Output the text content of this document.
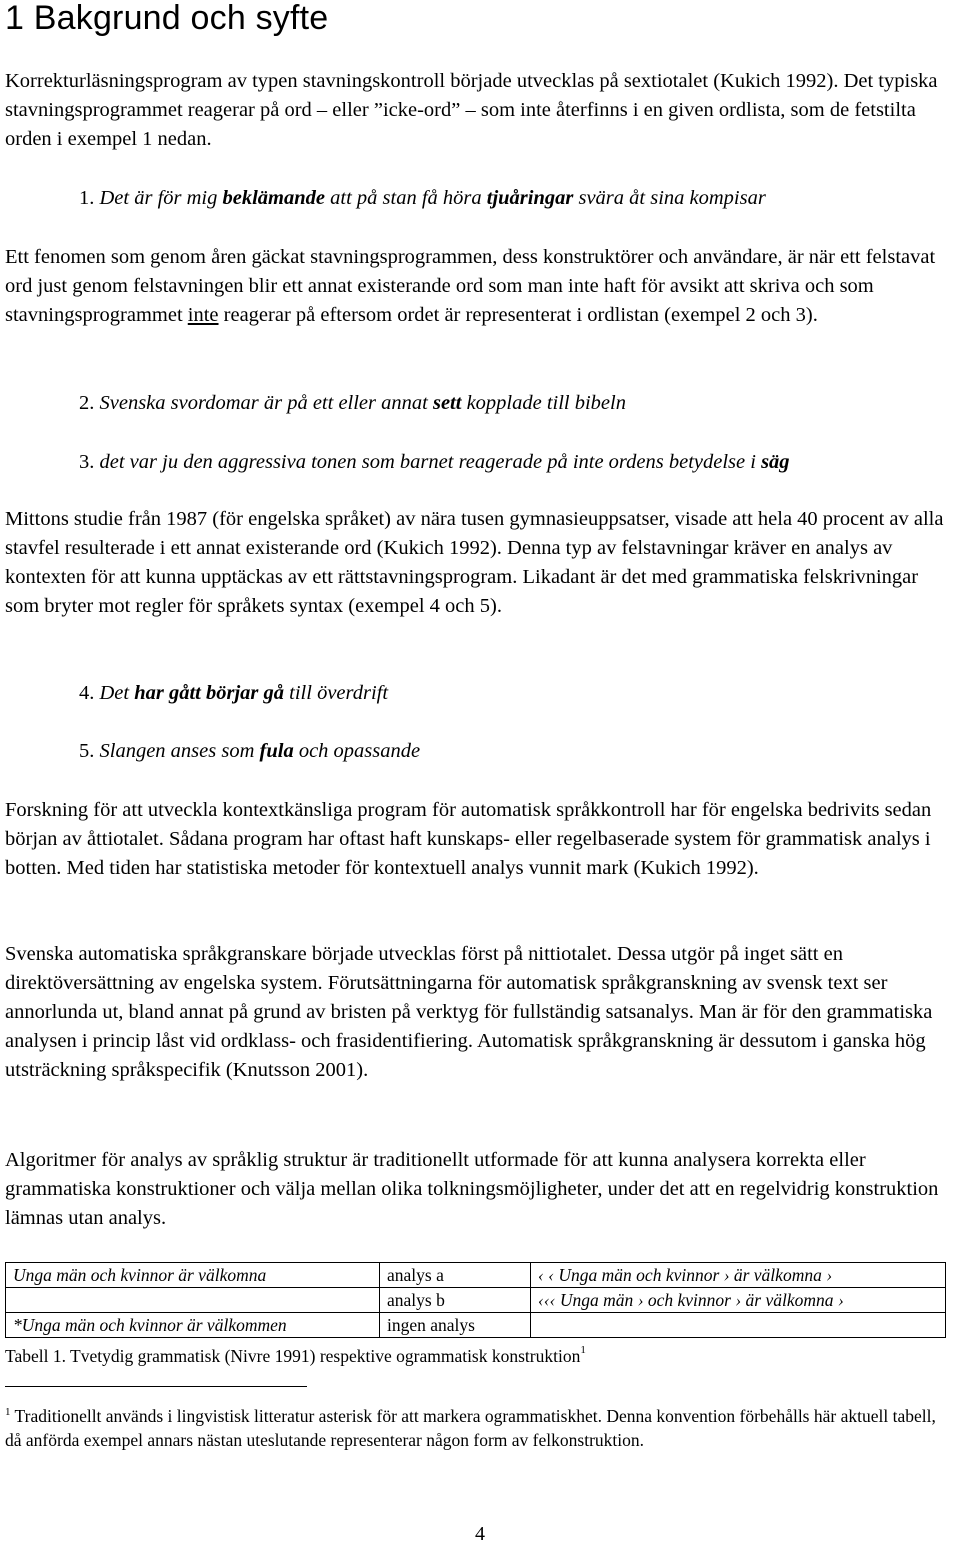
1 Bakgrund och syfte

Korrekturläsningsprogram av typen stavningskontroll började utvecklas på sextiotalet (Kukich 1992). Det typiska stavningsprogrammet reagerar på ord – eller ”icke-ord” – som inte återfinns i en given ordlista, som de fetstilta orden i exempel 1 nedan.

1. Det är för mig beklämande att på stan få höra tjuåringar svära åt sina kompisar

Ett fenomen som genom åren gäckat stavningsprogrammen, dess konstruktörer och användare, är när ett felstavat ord just genom felstavningen blir ett annat existerande ord som man inte haft för avsikt att skriva och som stavningsprogrammet inte reagerar på eftersom ordet är representerat i ordlistan (exempel 2 och 3).

2. Svenska svordomar är på ett eller annat sett kopplade till bibeln

3. det var ju den aggressiva tonen som barnet reagerade på inte ordens betydelse i säg

Mittons studie från 1987 (för engelska språket) av nära tusen gymnasieuppsatser, visade att hela 40 procent av alla stavfel resulterade i ett annat existerande ord (Kukich 1992). Denna typ av felstavningar kräver en analys av kontexten för att kunna upptäckas av ett rättstavningsprogram. Likadant är det med grammatiska felskrivningar som bryter mot regler för språkets syntax (exempel 4 och 5).

4. Det har gått börjar gå till överdrift

5. Slangen anses som fula och opassande

Forskning för att utveckla kontextkänsliga program för automatisk språkkontroll har för engelska bedrivits sedan början av åttiotalet. Sådana program har oftast haft kunskaps- eller regelbaserade system för grammatisk analys i botten. Med tiden har statistiska metoder för kontextuell analys vunnit mark (Kukich 1992).

Svenska automatiska språkgranskare började utvecklas först på nittiotalet. Dessa utgör på inget sätt en direktöversättning av engelska system. Förutsättningarna för automatisk språkgranskning av svensk text ser annorlunda ut, bland annat på grund av bristen på verktyg för fullständig satsanalys. Man är för den grammatiska analysen i princip låst vid ordklass- och frasidentifiering. Automatisk språkgranskning är dessutom i ganska hög utsträckning språkspecifik (Knutsson 2001).

Algoritmer för analys av språklig struktur är traditionellt utformade för att kunna analysera korrekta eller grammatiska konstruktioner och välja mellan olika tolkningsmöjligheter, under det att en regelvidrig konstruktion lämnas utan analys.

Unga män och kvinnor är välkomna	analys a	‹ ‹ Unga män och kvinnor › är välkomna ›
	analys b	‹‹‹ Unga män › och kvinnor › är välkomna ›
*Unga män och kvinnor är välkommen	ingen analys	

Tabell 1. Tvetydig grammatisk (Nivre 1991) respektive ogrammatisk konstruktion$^1$

$^1$ Traditionellt används i lingvistisk litteratur asterisk för att markera ogrammatiskhet. Denna konvention förbehålls här aktuell tabell, då anförda exempel annars nästan uteslutande representerar någon form av felkonstruktion.

4
